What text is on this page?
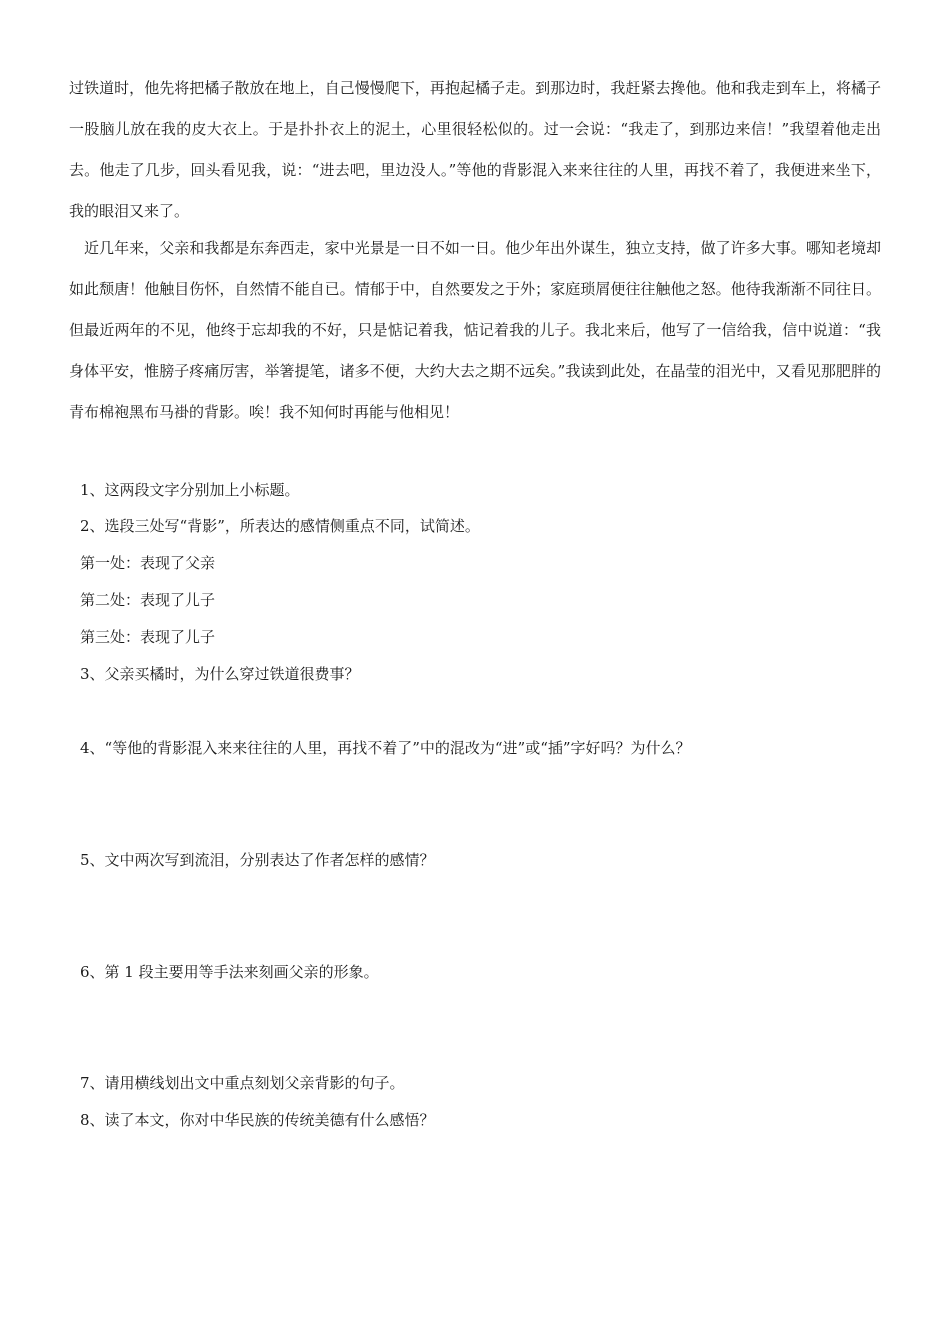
过铁道时，他先将把橘子散放在地上，自己慢慢爬下，再抱起橘子走。到那边时，我赶紧去搀他。他和我走到车上，将橘子一股脑儿放在我的皮大衣上。于是扑扑衣上的泥土，心里很轻松似的。过一会说：“我走了，到那边来信！”我望着他走出去。他走了几步，回头看见我，说：“进去吧，里边没人。”等他的背影混入来来往往的人里，再找不着了，我便进来坐下，我的眼泪又来了。

近几年来，父亲和我都是东奔西走，家中光景是一日不如一日。他少年出外谋生，独立支持，做了许多大事。哪知老境却如此颓唐！他触目伤怀，自然情不能自已。情郁于中，自然要发之于外；家庭琐屑便往往触他之怒。他待我渐渐不同往日。但最近两年的不见，他终于忘却我的不好，只是惦记着我，惦记着我的儿子。我北来后，他写了一信给我，信中说道：“我身体平安，惟膀子疼痛厉害，举箸提笔，诸多不便，大约大去之期不远矣。”我读到此处，在晶莹的泪光中，又看见那肥胖的青布棉袍黑布马褂的背影。唉！我不知何时再能与他相见！

1、这两段文字分别加上小标题。

2、选段三处写“背影”，所表达的感情侧重点不同，试简述。

第一处：表现了父亲

第二处：表现了儿子

第三处：表现了儿子

3、父亲买橘时，为什么穿过铁道很费事？

4、“等他的背影混入来来往往的人里，再找不着了”中的混改为“进”或“插”字好吗？为什么？

5、文中两次写到流泪，分别表达了作者怎样的感情？

6、第 1 段主要用等手法来刻画父亲的形象。

7、请用横线划出文中重点刻划父亲背影的句子。

8、读了本文，你对中华民族的传统美德有什么感悟？
